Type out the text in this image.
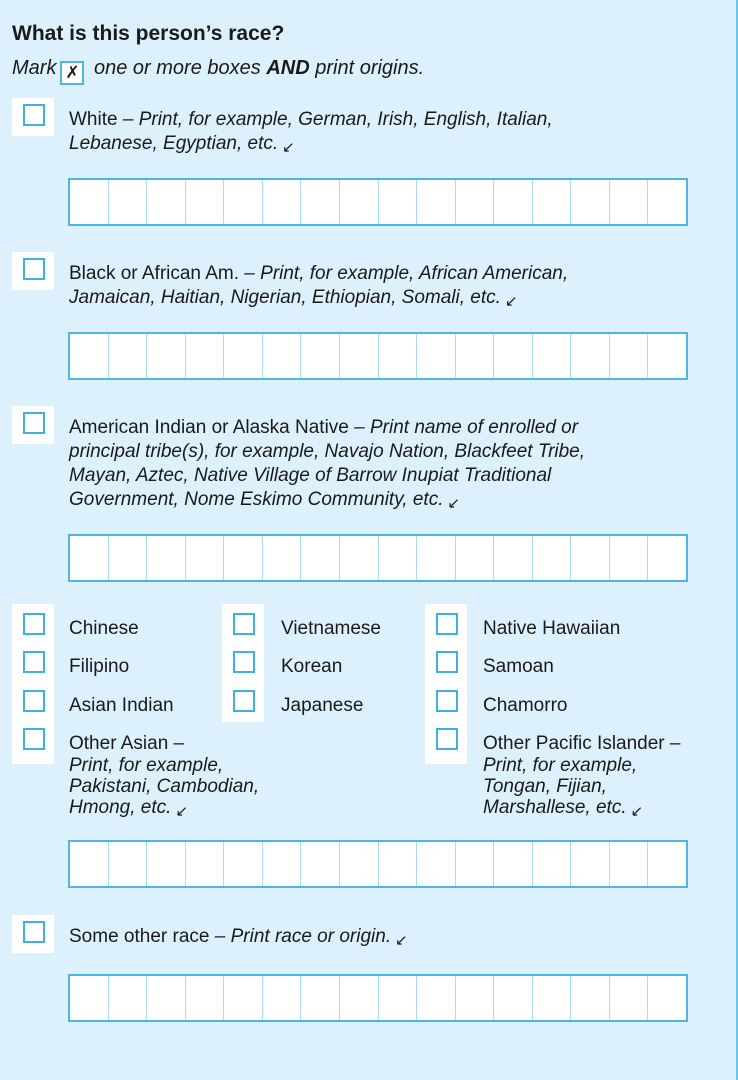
What is this person’s race?
Mark ✗ one or more boxes AND print origins.
White – Print, for example, German, Irish, English, Italian,
Lebanese, Egyptian, etc. ↙
Black or African Am. – Print, for example, African American,
Jamaican, Haitian, Nigerian, Ethiopian, Somali, etc. ↙
American Indian or Alaska Native – Print name of enrolled or
principal tribe(s), for example, Navajo Nation, Blackfeet Tribe,
Mayan, Aztec, Native Village of Barrow Inupiat Traditional
Government, Nome Eskimo Community, etc. ↙
Chinese
Filipino
Asian Indian
Other Asian –
Print, for example,
Pakistani, Cambodian,
Hmong, etc. ↙
Vietnamese
Korean
Japanese
Native Hawaiian
Samoan
Chamorro
Other Pacific Islander –
Print, for example,
Tongan, Fijian,
Marshallese, etc. ↙
Some other race – Print race or origin. ↙
